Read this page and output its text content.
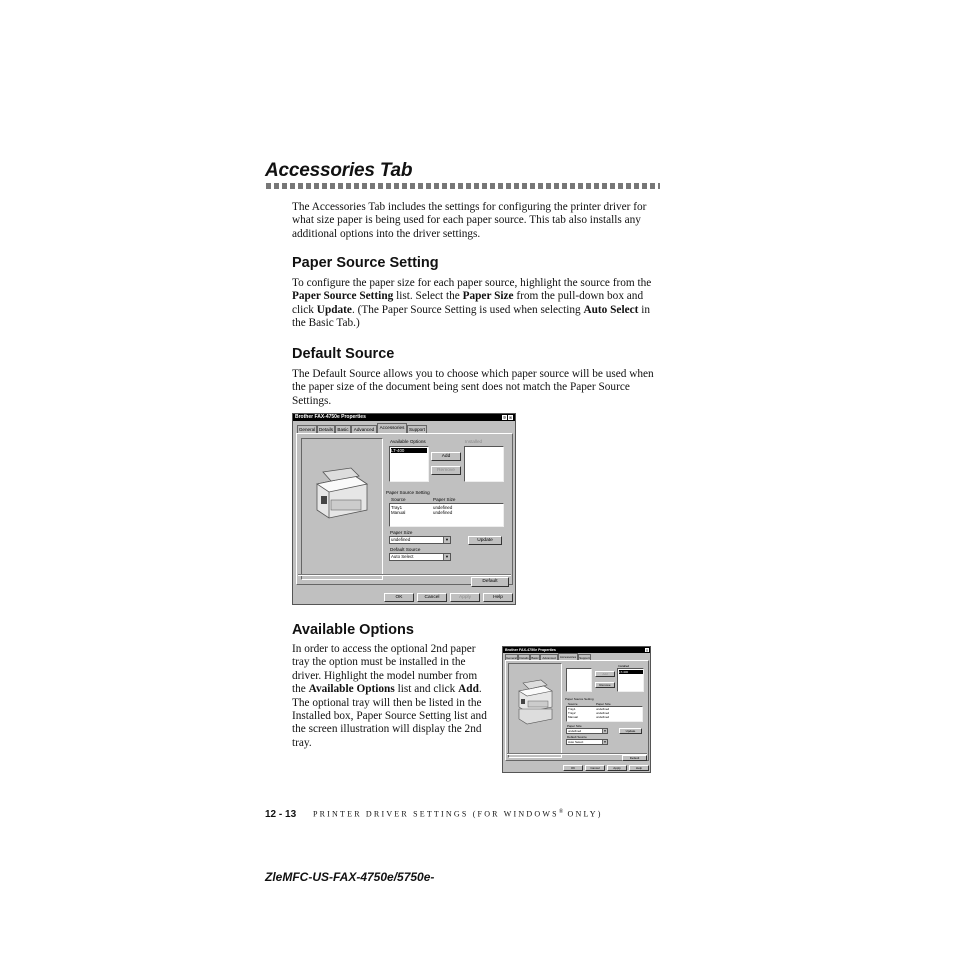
Accessories Tab

The Accessories Tab includes the settings for configuring the printer driver for what size paper is being used for each paper source. This tab also installs any additional options into the driver settings.

Paper Source Setting

To configure the paper size for each paper source, highlight the source from the Paper Source Setting list. Select the Paper Size from the pull-down box and click Update. (The Paper Source Setting is used when selecting Auto Select in the Basic Tab.)

Default Source

The Default Source allows you to choose which paper source will be used when the paper size of the document being sent does not match the Paper Source Settings.

Brother FAX-4750e Properties	? ×
General Details Basic	Advanced	Accessories Support
Available Options
LT-400
Add
Remove
Installed
Paper Source Setting
Source	Paper Size
Tray1	undefined
Manual	undefined
Paper Size
undefined	▼	Update
Default Source
Auto Select	▼
Default
OK	Cancel	Apply	Help
Available Options

In order to access the optional 2nd paper tray the option must be installed in the driver. Highlight the model number from the Available Options list and click Add. The optional tray will then be listed in the Installed box, Paper Source Setting list and the screen illustration will display the 2nd tray.

Brother FAX-4750e Properties	×
General Details Basic	Advanced	Accessories	Support
Add
Remove
Installed
LT-400
Paper Source Setting
Source	Paper Size
Tray1	undefined
Tray2	undefined
Manual	undefined
Paper Size
undefined	▼	Update
Default Source
Auto Select	▼
Default
OK	Cancel	Apply	Help
12 - 13 PRINTER DRIVER SETTINGS (FOR WINDOWS® ONLY)
ZleMFC-US-FAX-4750e/5750e-
